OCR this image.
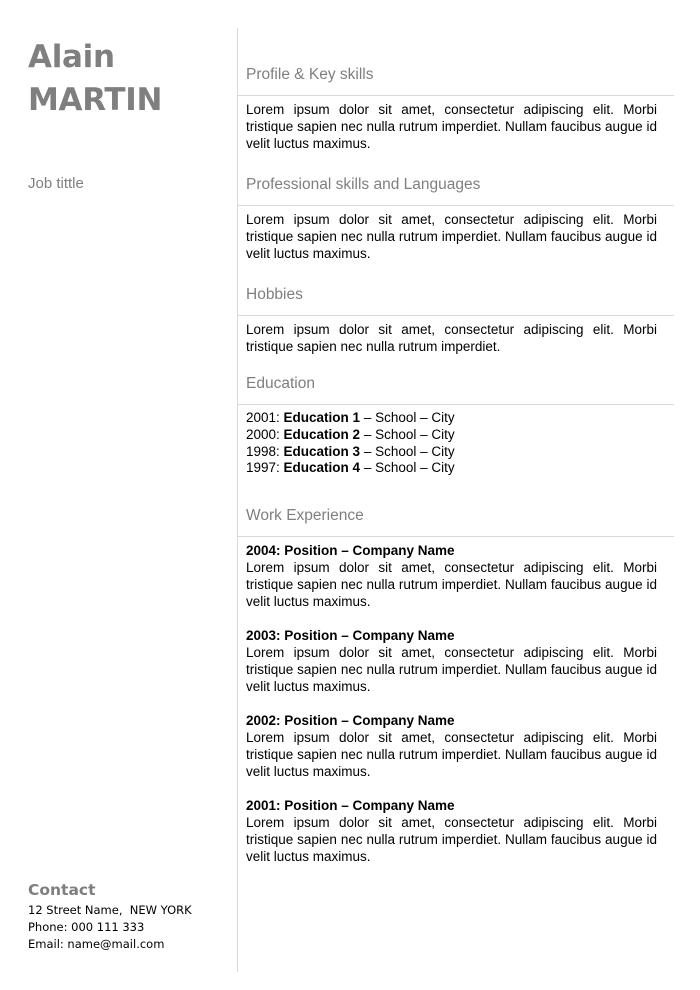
Alain
MARTIN
Job tittle
Contact
12 Street Name,  NEW YORK
Phone: 000 111 333
Email: name@mail.com
Profile & Key skills

Lorem ipsum dolor sit amet, consectetur adipiscing elit. Morbi tristique sapien nec nulla rutrum imperdiet. Nullam faucibus augue id velit luctus maximus.

Professional skills and Languages

Lorem ipsum dolor sit amet, consectetur adipiscing elit. Morbi tristique sapien nec nulla rutrum imperdiet. Nullam faucibus augue id velit luctus maximus.

Hobbies

Lorem ipsum dolor sit amet, consectetur adipiscing elit. Morbi tristique sapien nec nulla rutrum imperdiet.

Education
2001: Education 1 – School – City
2000: Education 2 – School – City
1998: Education 3 – School – City
1997: Education 4 – School – City
Work Experience
2004: Position – Company Name

Lorem ipsum dolor sit amet, consectetur adipiscing elit. Morbi tristique sapien nec nulla rutrum imperdiet. Nullam faucibus augue id velit luctus maximus.

2003: Position – Company Name

Lorem ipsum dolor sit amet, consectetur adipiscing elit. Morbi tristique sapien nec nulla rutrum imperdiet. Nullam faucibus augue id velit luctus maximus.

2002: Position – Company Name

Lorem ipsum dolor sit amet, consectetur adipiscing elit. Morbi tristique sapien nec nulla rutrum imperdiet. Nullam faucibus augue id velit luctus maximus.

2001: Position – Company Name

Lorem ipsum dolor sit amet, consectetur adipiscing elit. Morbi tristique sapien nec nulla rutrum imperdiet. Nullam faucibus augue id velit luctus maximus.
